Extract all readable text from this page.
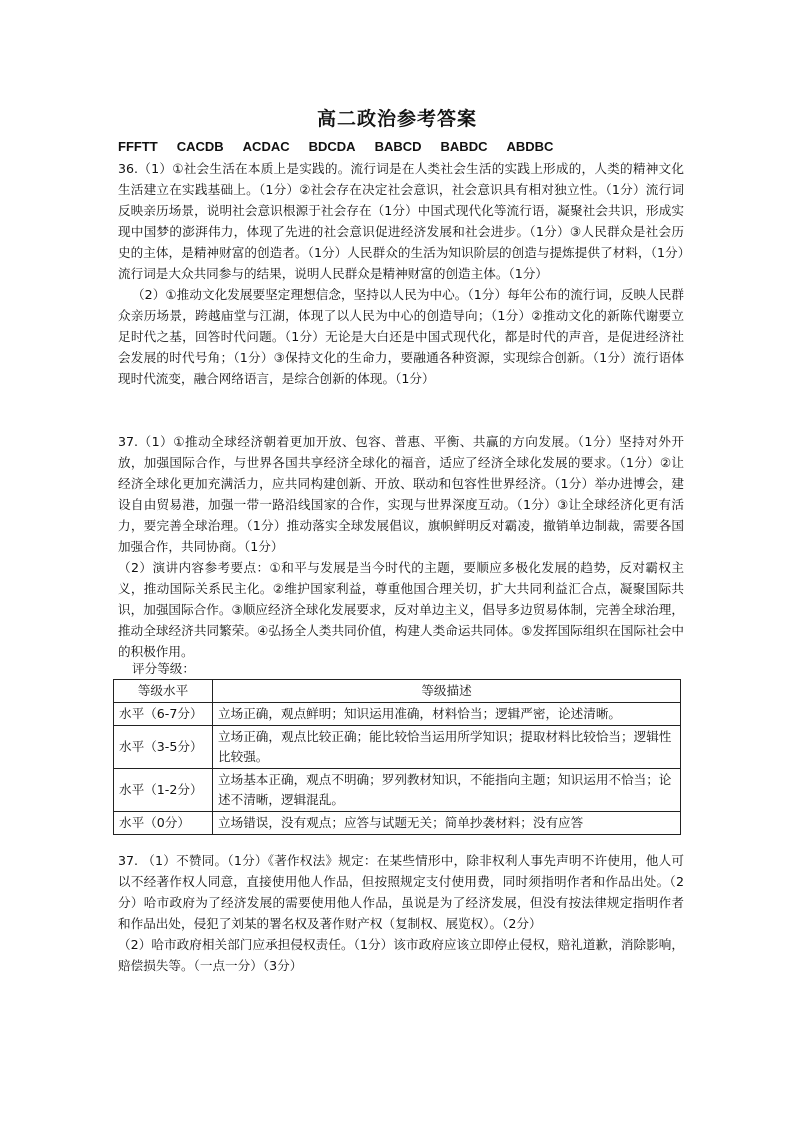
高二政治参考答案
FFFTT CACDB ACDAC BDCDA BABCD BABDC ABDBC

36.（1）①社会生活在本质上是实践的。流行词是在人类社会生活的实践上形成的，人类的精神文化生活建立在实践基础上。（1分）②社会存在决定社会意识，社会意识具有相对独立性。（1分）流行词反映亲历场景，说明社会意识根源于社会存在（1分）中国式现代化等流行语，凝聚社会共识，形成实现中国梦的澎湃伟力，体现了先进的社会意识促进经济发展和社会进步。（1分）③人民群众是社会历史的主体，是精神财富的创造者。（1分）人民群众的生活为知识阶层的创造与提炼提供了材料，（1分）流行词是大众共同参与的结果，说明人民群众是精神财富的创造主体。（1分）

（2）①推动文化发展要坚定理想信念，坚持以人民为中心。（1分）每年公布的流行词，反映人民群众亲历场景，跨越庙堂与江湖，体现了以人民为中心的创造导向；（1分）②推动文化的新陈代谢要立足时代之基，回答时代问题。（1分）无论是大白还是中国式现代化，都是时代的声音，是促进经济社会发展的时代号角；（1分）③保持文化的生命力，要融通各种资源，实现综合创新。（1分）流行语体现时代流变，融合网络语言，是综合创新的体现。（1分）

37.（1）①推动全球经济朝着更加开放、包容、普惠、平衡、共赢的方向发展。（1分）坚持对外开放，加强国际合作，与世界各国共享经济全球化的福音，适应了经济全球化发展的要求。（1分）②让经济全球化更加充满活力，应共同构建创新、开放、联动和包容性世界经济。（1分）举办进博会，建设自由贸易港，加强一带一路沿线国家的合作，实现与世界深度互动。（1分）③让全球经济化更有活力，要完善全球治理。（1分）推动落实全球发展倡议，旗帜鲜明反对霸凌，撤销单边制裁，需要各国加强合作，共同协商。（1分）

（2）演讲内容参考要点：①和平与发展是当今时代的主题，要顺应多极化发展的趋势，反对霸权主义，推动国际关系民主化。②维护国家利益，尊重他国合理关切，扩大共同利益汇合点，凝聚国际共识，加强国际合作。③顺应经济全球化发展要求，反对单边主义，倡导多边贸易体制，完善全球治理，推动全球经济共同繁荣。④弘扬全人类共同价值，构建人类命运共同体。⑤发挥国际组织在国际社会中的积极作用。

评分等级：
等级水平	等级描述
水平（6-7分）	立场正确，观点鲜明；知识运用准确，材料恰当；逻辑严密，论述清晰。
水平（3-5分）	立场正确，观点比较正确；能比较恰当运用所学知识；提取材料比较恰当；逻辑性比较强。
水平（1-2分）	立场基本正确，观点不明确；罗列教材知识，不能指向主题；知识运用不恰当；论述不清晰，逻辑混乱。
水平（0分）	立场错误，没有观点；应答与试题无关；简单抄袭材料；没有应答

37. （1）不赞同。（1分）《著作权法》规定：在某些情形中，除非权利人事先声明不许使用，他人可以不经著作权人同意，直接使用他人作品，但按照规定支付使用费，同时须指明作者和作品出处。（2分）哈市政府为了经济发展的需要使用他人作品，虽说是为了经济发展，但没有按法律规定指明作者和作品出处，侵犯了刘某的署名权及著作财产权（复制权、展览权）。（2分）

（2）哈市政府相关部门应承担侵权责任。（1分）该市政府应该立即停止侵权，赔礼道歉，消除影响，赔偿损失等。（一点一分）（3分）
